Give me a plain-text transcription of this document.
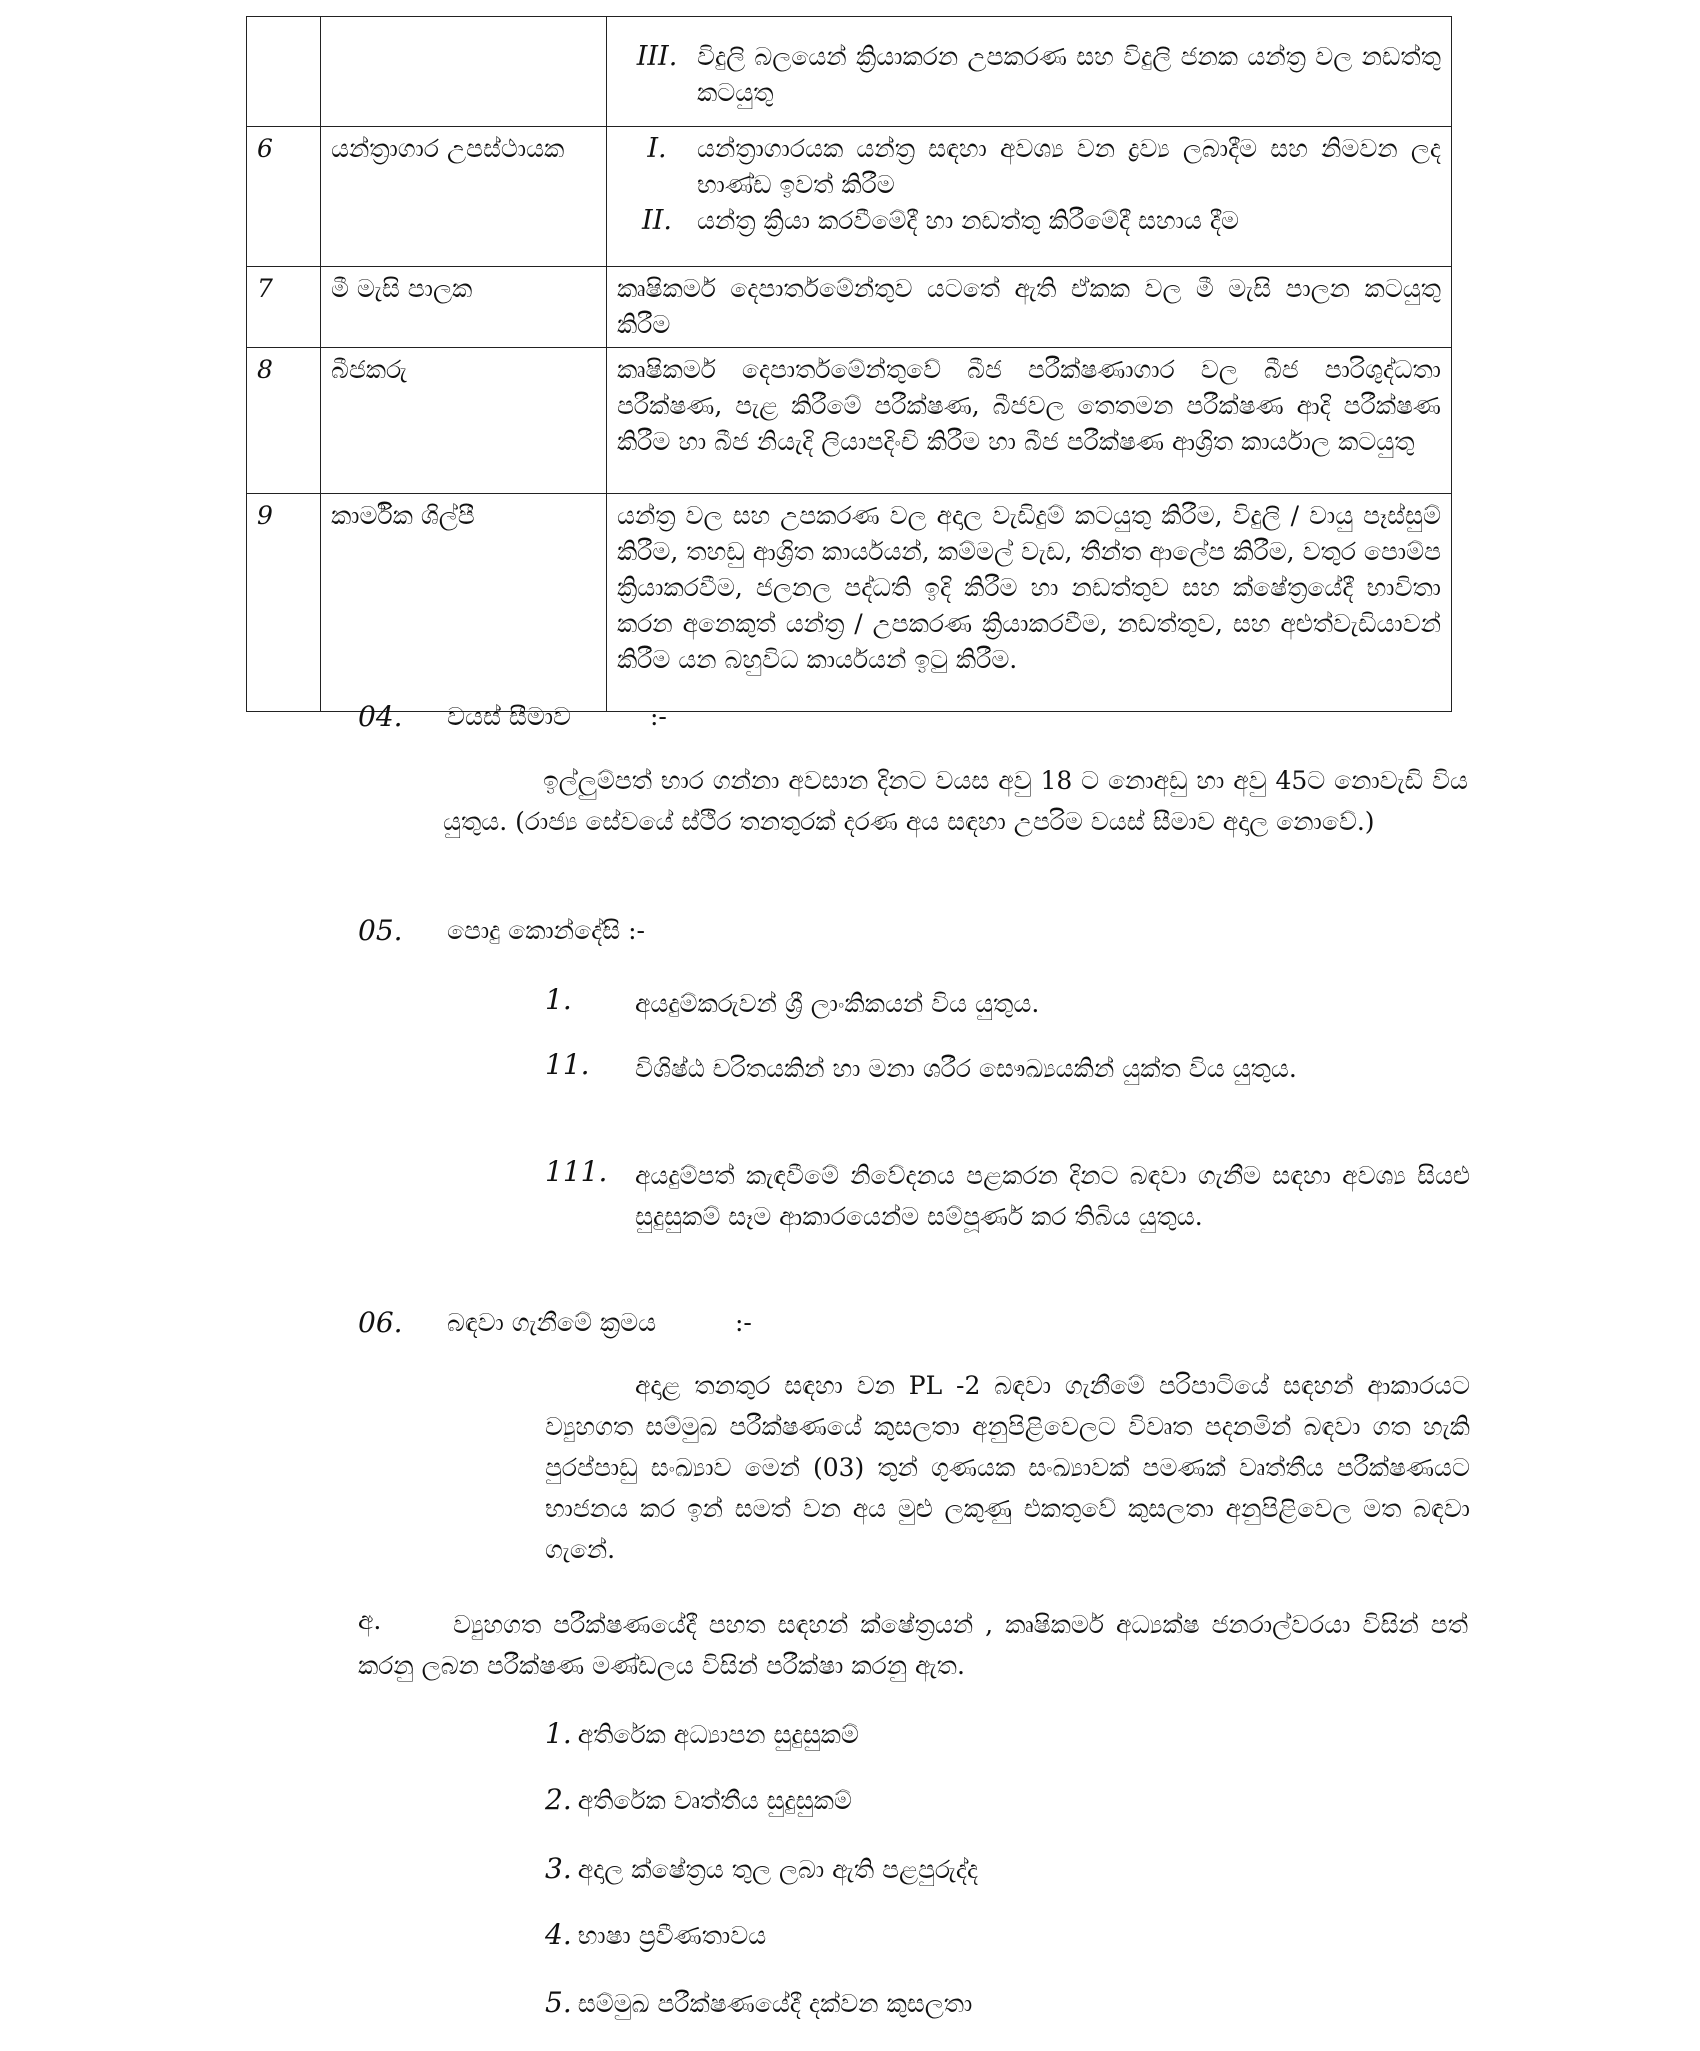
		III. විදුලි බලයෙන් ක්‍රියාකරන උපකරණ සහ විදුලි ජනක යන්ත්‍ර වල නඩත්තු කටයුතු

6	යන්ත්‍රාගාර උපස්ථායක	I. යන්ත්‍රාගාරයක යන්ත්‍ර සඳහා අවශ්‍ය වන ද්‍රව්‍ය ලබාදීම සහ නිමවන ලද භාණ්ඩ ඉවත් කිරීම
II. යන්ත්‍ර ක්‍රියා කරවීමේදී හා නඩත්තු කිරීමේදී සහාය දීම

7	මී මැසි පාලක	කෘෂිකර්ම දෙපාර්තමේන්තුව යටතේ ඇති ඒකක වල මී මැසි පාලන කටයුතු කිරීම
8	බීජකරු	කෘෂිකර්ම දෙපාර්තමේන්තුවේ බීජ පරීක්ෂණාගාර වල බීජ පාරිශුද්ධතා පරීක්ෂණ, පැළ කිරීමේ පරීක්ෂණ, බීජවල තෙතමන පරීක්ෂණ ආදි පරීක්ෂණ කිරීම හා බීජ නියැදි ලියාපදිංචි කිරීම හා බීජ පරීක්ෂණ ආශ්‍රිත කාර්යාල කටයුතු
9	කාර්මික ශිල්පී	යන්ත්‍ර වල සහ උපකරණ වල අදාල වැඩිදුම් කටයුතු කිරීම, විදුලි / වායු පෑස්සුම් කිරීම, තහඩු ආශ්‍රිත කාර්යයන්, කම්මල් වැඩ, තීන්ත ආලේප කිරීම, වතුර පොම්ප ක්‍රියාකරවීම, ජලනල පද්ධති ඉදි කිරීම හා නඩත්තුව සහ ක්ෂේත්‍රයේදී භාවිතා කරන අනෙකුත් යන්ත්‍ර / උපකරණ ක්‍රියාකරවීම, නඩත්තුව, සහ අළුත්වැඩියාවන් කිරීම යන බහුවිධ කාර්යයන් ඉටු කිරීම.
04. වයස් සීමාව	:-
ඉල්ලුම්පත් භාර ගන්නා අවසාන දිනට වයස අවු 18 ට නොඅඩු හා අවු 45ට නොවැඩි විය යුතුය. (රාජ්‍ය සේවයේ ස්ථිර තනතුරක් දරණ අය සඳහා උපරිම වයස් සීමාව අදාල නොවේ.)
05. පොදු කොන්දේසි :-
1.	අයදුම්කරුවන් ශ්‍රී ලාංකිකයන් විය යුතුය.
11.	විශිෂ්ඨ චරිතයකින් හා මනා ශරීර සෞඛ්‍යයකින් යුක්ත විය යුතුය.
111. අයදුම්පත් කැඳවීමේ නිවේදනය පළකරන දිනට බඳවා ගැනීම සඳහා අවශ්‍ය සියළු සුදුසුකම් සෑම ආකාරයෙන්ම සම්පූර්ණ කර තිබිය යුතුය.
06. බඳවා ගැනීමේ ක්‍රමය	:-
අදාළ තනතුර සඳහා වන PL -2 බඳවා ගැනීමේ පරිපාටියේ සඳහන් ආකාරයට ව්‍යුහගත සම්මුඛ පරීක්ෂණයේ කුසලතා අනුපිළිවෙලට විවෘත පදනමින් බඳවා ගත හැකි පුරප්පාඩු සංඛ්‍යාව මෙන් (03) තුන් ගුණයක සංඛ්‍යාවක් පමණක් වෘත්තීය පරීක්ෂණයට භාජනය කර ඉන් සමත් වන අය මුළු ලකුණු එකතුවේ කුසලතා අනුපිළිවෙල මත බඳවා ගැනේ.
අ.	ව්‍යුහගත පරීක්ෂණයේදී පහත සඳහන් ක්ෂේත්‍රයන් , කෘෂිකර්ම අධ්‍යක්ෂ ජනරාල්වරයා විසින් පත් කරනු ලබන පරීක්ෂණ මණ්ඩලය විසින් පරීක්ෂා කරනු ඇත.
1. අතිරේක අධ්‍යාපන සුදුසුකම්
2. අතිරේක වෘත්තීය සුදුසුකම්
3. අදාල ක්ෂේත්‍රය තුල ලබා ඇති පළපුරුද්ද
4. භාෂා ප්‍රවීණතාවය
5. සම්මුඛ පරීක්ෂණයේදී දක්වන කුසලතා
